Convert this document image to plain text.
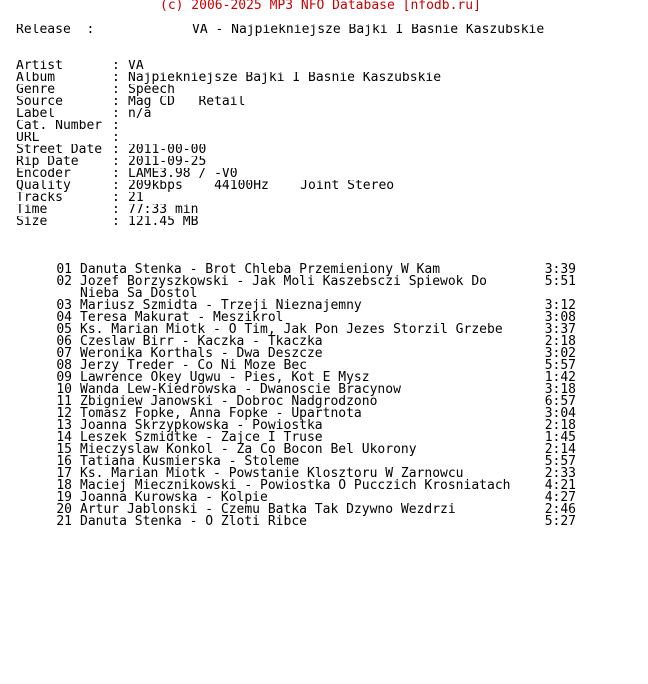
(c) 2006-2025 MP3 NFO Database [nfodb.ru]
Release  :	VA - Najpiekniejsze Bajki I Basnie Kaszubskie
Artist	: VA
Album	: Najpiekniejsze Bajki I Basnie Kaszubskie
Genre	: Speech
Source	: Mag CD   Retail
Label	: n/a
Cat. Number :
URL	:
Street Date : 2011-00-00
Rip Date	: 2011-09-25
Encoder	: LAME3.98 / -V0
Quality	: 209kbps    44100Hz    Joint Stereo
Tracks	: 21
Time	: 77:33 min
Size	: 121.45 MB
01 Danuta Stenka - Brot Chleba Przemieniony W Kam	3:39
02 Jozef Borzyszkowski - Jak Moli Kaszebsczi Spiewok Do	5:51
Nieba Sa Dostol
03 Mariusz Szmidta - Trzeji Nieznajemny	3:12
04 Teresa Makurat - Meszikrol	3:08
05 Ks. Marian Miotk - O Tim, Jak Pon Jezes Storzil Grzebe	3:37
06 Czeslaw Birr - Kaczka - Tkaczka	2:18
07 Weronika Korthals - Dwa Deszcze	3:02
08 Jerzy Treder - Co Ni Moze Bec	5:57
09 Lawrence Okey Ugwu - Pies, Kot E Mysz	1:42
10 Wanda Lew-Kiedrowska - Dwanoscie Bracynow	3:18
11 Zbigniew Janowski - Dobroc Nadgrodzono	6:57
12 Tomasz Fopke, Anna Fopke - Upartnota	3:04
13 Joanna Skrzypkowska - Powiostka	2:18
14 Leszek Szmidtke - Zajce I Truse	1:45
15 Mieczyslaw Konkol - Za Co Bocon Bel Ukorony	2:14
16 Tatiana Kusmierska - Stoleme	5:57
17 Ks. Marian Miotk - Powstanie Klosztoru W Zarnowcu	2:33
18 Maciej Miecznikowski - Powiostka O Pucczich Krosniatach	4:21
19 Joanna Kurowska - Kolpie	4:27
20 Artur Jablonski - Czemu Batka Tak Dzywno Wezdrzi	2:46
21 Danuta Stenka - O Zloti Ribce	5:27
